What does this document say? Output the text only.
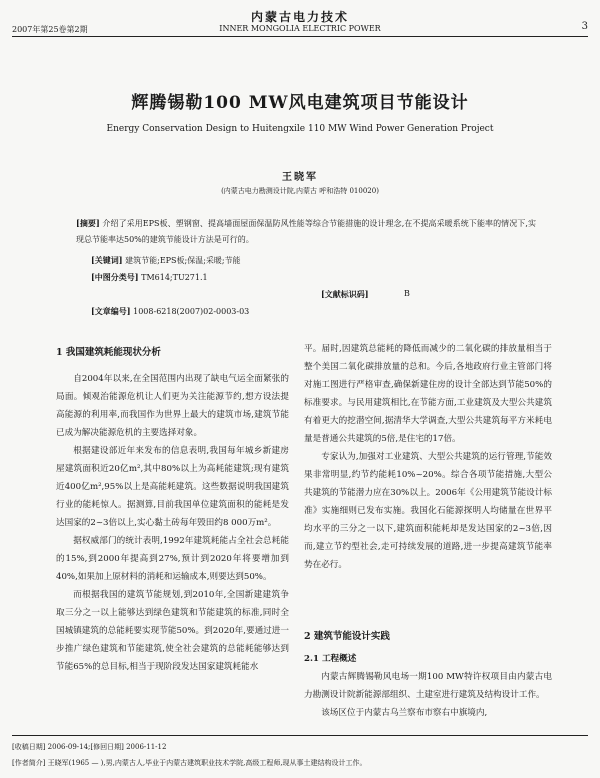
内蒙古电力技术
2007年第25卷第2期	INNER MONGOLIA ELECTRIC POWER	3
辉腾锡勒100 MW风电建筑项目节能设计
Energy Conservation Design to Huitengxile 110 MW Wind Power Generation Project
王晓军
(内蒙古电力勘测设计院,内蒙古 呼和浩特 010020)
[摘要] 介绍了采用EPS板、塑钢窗、提高墙面屋面保温防风性能等综合节能措施的设计理念,在不提高采暖系统下能率的情况下,实现总节能率达50%的建筑节能设计方法是可行的。
[关键词] 建筑节能;EPS板;保温;采暖;节能
[中图分类号] TM614;TU271.1
[文献标识码]	B
[文章编号] 1008-6218(2007)02-0003-03
1 我国建筑耗能现状分析

自2004年以来,在全国范围内出现了缺电气运全面紧张的局面。倾观治能源危机让人们更为关注能源节约,想方设法提高能源的利用率,而我国作为世界上最大的建筑市场,建筑节能已成为解决能源危机的主要选择对象。

根据建设部近年来发布的信息表明,我国每年城乡新建房屋建筑面积近20亿m²,其中80%以上为高耗能建筑;现有建筑近400亿m²,95%以上是高能耗建筑。这些数据说明我国建筑行业的能耗惊人。据测算,目前我国单位建筑面积的能耗是发达国家的2~3倍以上,实心黏土砖每年毁田约8 000万m²。

据权威部门的统计表明,1992年建筑耗能占全社会总耗能的15%,到2000年提高到27%,预计到2020年将要增加到40%,如果加上原材料的消耗和运输成本,则要达到50%。

而根据我国的建筑节能规划,到2010年,全国新建建筑争取三分之一以上能够达到绿色建筑和节能建筑的标准,同时全国城镇建筑的总能耗要实现节能50%。到2020年,要通过进一步推广绿色建筑和节能建筑,使全社会建筑的总能耗能够达到节能65%的总目标,相当于现阶段发达国家建筑耗能水

平。届时,因建筑总能耗的降低而减少的二氧化碳的排放量相当于整个美国二氧化碳排放量的总和。今后,各地政府行业主管部门将对施工图进行严格审查,确保新建住房的设计全部达到节能50%的标准要求。与民用建筑相比,在节能方面,工业建筑及大型公共建筑有着更大的挖潜空间,据清华大学调查,大型公共建筑每平方米耗电量是普通公共建筑的5倍,是住宅的17倍。

专家认为,加强对工业建筑、大型公共建筑的运行管理,节能效果非常明显,约节约能耗10%~20%。综合各项节能措施,大型公共建筑的节能潜力应在30%以上。2006年《公用建筑节能设计标准》实施细则已发布实施。我国化石能源探明人均储量在世界平均水平的三分之一以下,建筑面积能耗却是发达国家的2~3倍,因而,建立节约型社会,走可持续发展的道路,进一步提高建筑节能率势在必行。

2 建筑节能设计实践
2.1 工程概述

内蒙古辉腾锡勒风电场一期100 MW特许权项目由内蒙古电力勘测设计院新能源部组织、土建室进行建筑及结构设计工作。

该场区位于内蒙古乌兰察布市察右中旗境内,

[收稿日期] 2006-09-14;[修回日期] 2006-11-12
[作者简介] 王晓军(1965 — ),男,内蒙古人,毕业于内蒙古建筑职业技术学院,高级工程师,现从事土建结构设计工作。
